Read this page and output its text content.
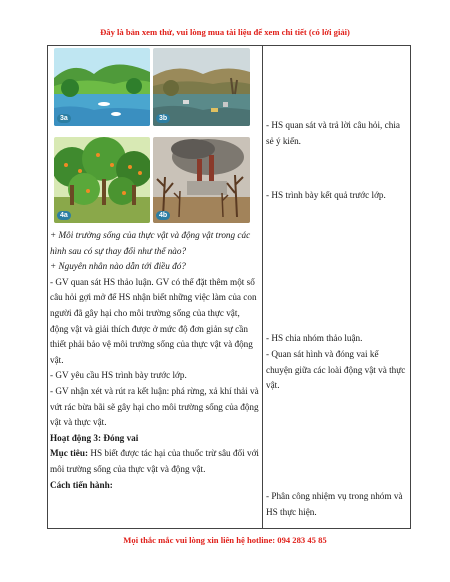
Đây là bản xem thử, vui lòng mua tài liệu để xem chi tiết (có lời giải)
3a	3b
4a	4b

+ Môi trường sống của thực vật và động vật trong các hình sau có sự thay đổi như thế nào?

+ Nguyên nhân nào dẫn tới điều đó?

- GV quan sát HS thảo luận. GV có thể đặt thêm một số câu hỏi gợi mở để HS nhận biết những việc làm của con người đã gây hại cho môi trường sống của thực vật, động vật và giải thích được ở mức độ đơn giản sự cần thiết phải bảo vệ môi trường sống của thực vật và động vật.

- GV yêu cầu HS trình bày trước lớp.

- GV nhận xét và rút ra kết luận: phá rừng, xả khí thải và vứt rác bừa bãi sẽ gây hại cho môi trường sống của động vật và thực vật.

Hoạt động 3: Đóng vai

Mục tiêu: HS biết được tác hại của thuốc trừ sâu đối với môi trường sống của thực vật và động vật.

Cách tiến hành:

- HS quan sát và trả lời câu hỏi, chia sẻ ý kiến.

- HS trình bày kết quả trước lớp.

- HS chia nhóm thảo luận.

- Quan sát hình và đóng vai kể chuyện giữa các loài động vật và thực vật.

- Phân công nhiệm vụ trong nhóm và HS thực hiện.

Mọi thắc mắc vui lòng xin liên hệ hotline: 094 283 45 85
